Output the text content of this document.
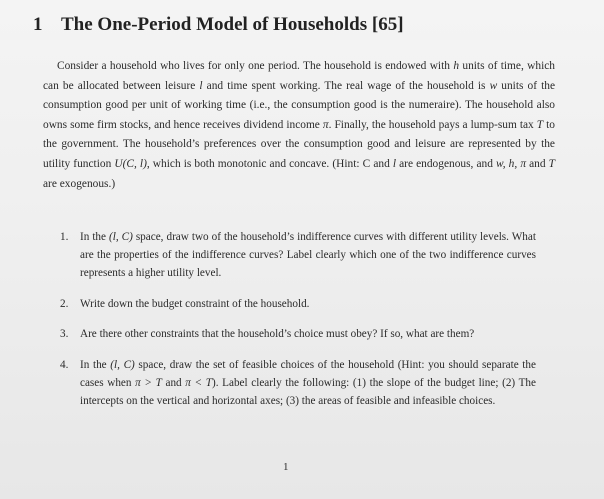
1 The One-Period Model of Households [65]

Consider a household who lives for only one period. The household is endowed with h units of time, which can be allocated between leisure l and time spent working. The real wage of the household is w units of the consumption good per unit of working time (i.e., the consumption good is the numeraire). The household also owns some firm stocks, and hence receives dividend income π. Finally, the household pays a lump-sum tax T to the government. The household’s preferences over the consumption good and leisure are represented by the utility function U(C, l), which is both monotonic and concave. (Hint: C and l are endogenous, and w, h, π and T are exogenous.)

1. In the (l, C) space, draw two of the household’s indifference curves with different utility levels. What are the properties of the indifference curves? Label clearly which one of the two indifference curves represents a higher utility level.
2. Write down the budget constraint of the household.
3. Are there other constraints that the household’s choice must obey? If so, what are them?
4. In the (l, C) space, draw the set of feasible choices of the household (Hint: you should separate the cases when π > T and π < T). Label clearly the following: (1) the slope of the budget line; (2) The intercepts on the vertical and horizontal axes; (3) the areas of feasible and infeasible choices.
1
